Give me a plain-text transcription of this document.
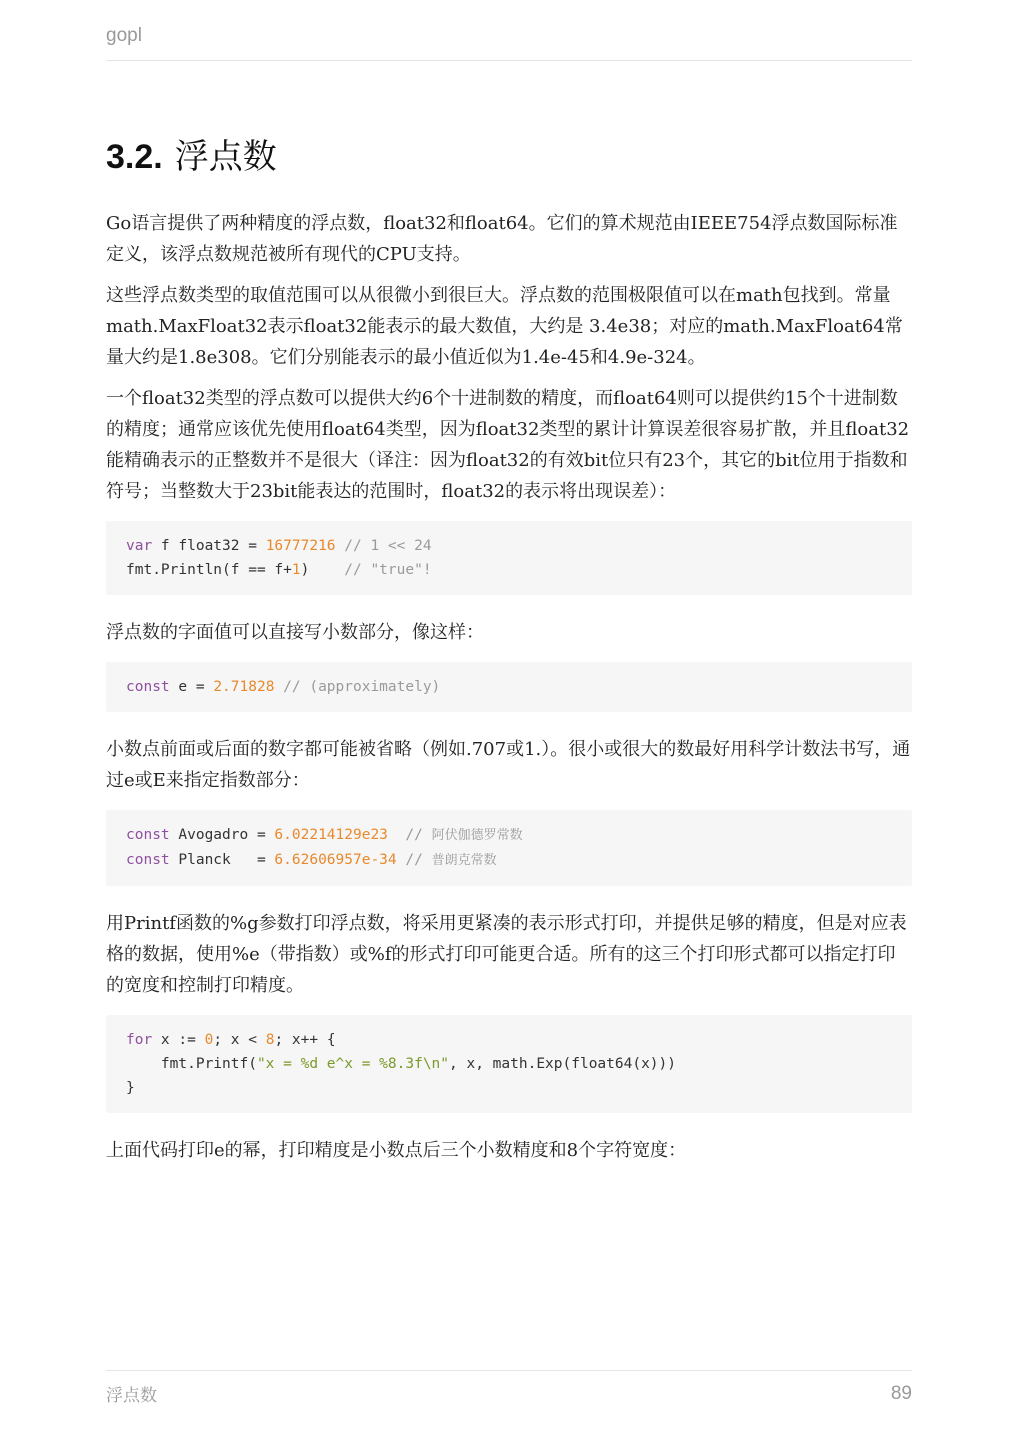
gopl
3.2. 浮点数

Go语言提供了两种精度的浮点数，float32和float64。它们的算术规范由IEEE754浮点数国际标准定义，该浮点数规范被所有现代的CPU支持。

这些浮点数类型的取值范围可以从很微小到很巨大。浮点数的范围极限值可以在math包找到。常量math.MaxFloat32表示float32能表示的最大数值，大约是 3.4e38；对应的math.MaxFloat64常量大约是1.8e308。它们分别能表示的最小值近似为1.4e-45和4.9e-324。

一个float32类型的浮点数可以提供大约6个十进制数的精度，而float64则可以提供约15个十进制数的精度；通常应该优先使用float64类型，因为float32类型的累计计算误差很容易扩散，并且float32能精确表示的正整数并不是很大（译注：因为float32的有效bit位只有23个，其它的bit位用于指数和符号；当整数大于23bit能表达的范围时，float32的表示将出现误差）：

var f float32 = 16777216 // 1 << 24
fmt.Println(f == f+1)    // "true"!

浮点数的字面值可以直接写小数部分，像这样：

const e = 2.71828 // (approximately)

小数点前面或后面的数字都可能被省略（例如.707或1.）。很小或很大的数最好用科学计数法书写，通过e或E来指定指数部分：

const Avogadro = 6.02214129e23  // 阿伏伽德罗常数
const Planck   = 6.62606957e-34 // 普朗克常数

用Printf函数的%g参数打印浮点数，将采用更紧凑的表示形式打印，并提供足够的精度，但是对应表格的数据，使用%e（带指数）或%f的形式打印可能更合适。所有的这三个打印形式都可以指定打印的宽度和控制打印精度。

for x := 0; x < 8; x++ {
fmt.Printf("x = %d e^x = %8.3f\n", x, math.Exp(float64(x)))
}

上面代码打印e的幂，打印精度是小数点后三个小数精度和8个字符宽度：

浮点数	89
